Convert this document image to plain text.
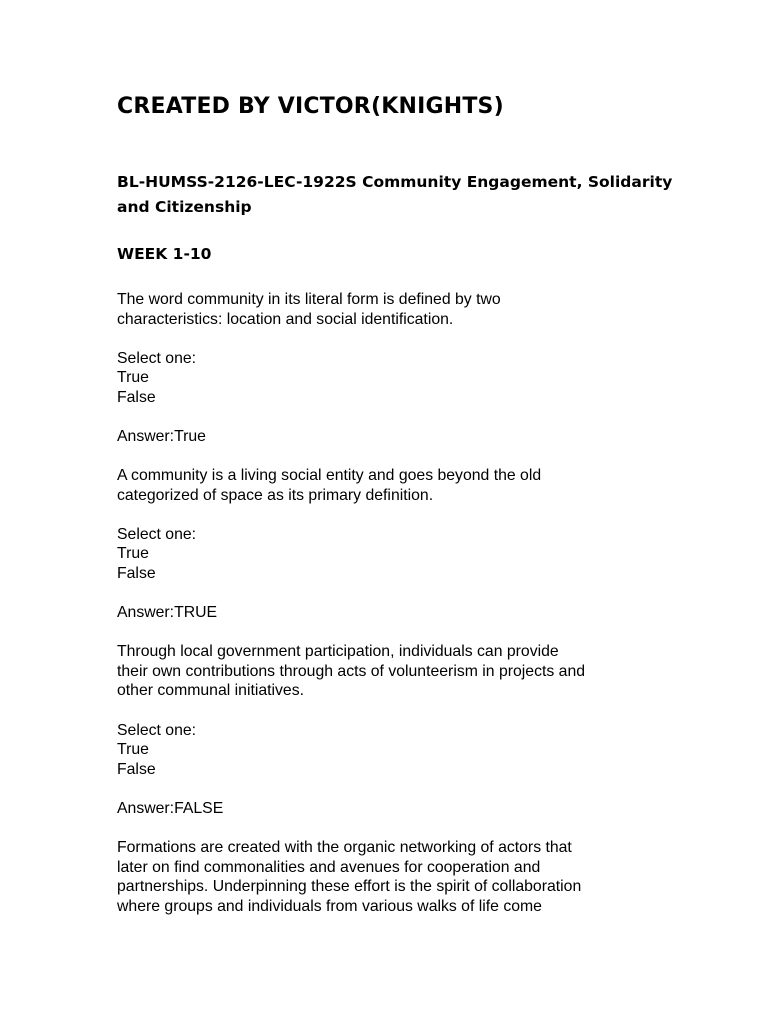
CREATED BY VICTOR(KNIGHTS)
BL-HUMSS-2126-LEC-1922S Community Engagement, Solidarity and Citizenship
WEEK 1-10

The word community in its literal form is defined by two
characteristics: location and social identification.

Select one:

True

False

Answer:True

A community is a living social entity and goes beyond the old
categorized of space as its primary definition.

Select one:

True

False

Answer:TRUE

Through local government participation, individuals can provide
their own contributions through acts of volunteerism in projects and
other communal initiatives.

Select one:

True

False

Answer:FALSE

Formations are created with the organic networking of actors that
later on find commonalities and avenues for cooperation and
partnerships. Underpinning these effort is the spirit of collaboration
where groups and individuals from various walks of life come
